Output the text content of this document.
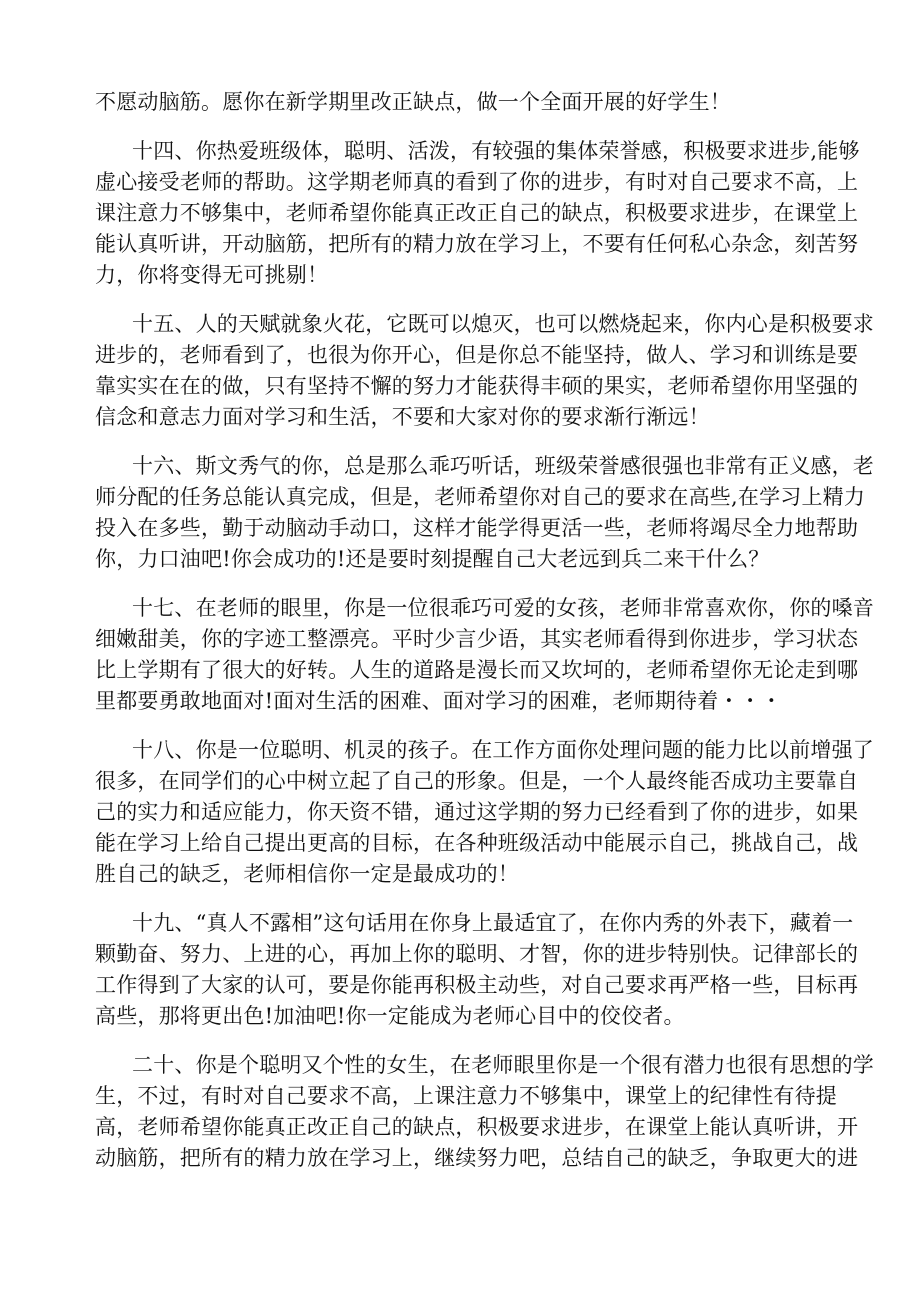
不愿动脑筋。愿你在新学期里改正缺点，做一个全面开展的好学生！
十四、你热爱班级体，聪明、活泼，有较强的集体荣誉感，积极要求进步,能够
虚心接受老师的帮助。这学期老师真的看到了你的进步，有时对自己要求不高，上
课注意力不够集中，老师希望你能真正改正自己的缺点，积极要求进步，在课堂上
能认真听讲，开动脑筋，把所有的精力放在学习上，不要有任何私心杂念，刻苦努
力，你将变得无可挑剔！
十五、人的天赋就象火花，它既可以熄灭，也可以燃烧起来，你内心是积极要求
进步的，老师看到了，也很为你开心，但是你总不能坚持，做人、学习和训练是要
靠实实在在的做，只有坚持不懈的努力才能获得丰硕的果实，老师希望你用坚强的
信念和意志力面对学习和生活，不要和大家对你的要求渐行渐远！
十六、斯文秀气的你，总是那么乖巧听话，班级荣誉感很强也非常有正义感，老
师分配的任务总能认真完成，但是，老师希望你对自己的要求在高些,在学习上精力
投入在多些，勤于动脑动手动口，这样才能学得更活一些，老师将竭尽全力地帮助
你，力口油吧!你会成功的!还是要时刻提醒自己大老远到兵二来干什么？
十七、在老师的眼里，你是一位很乖巧可爱的女孩，老师非常喜欢你，你的嗓音
细嫩甜美，你的字迹工整漂亮。平时少言少语，其实老师看得到你进步，学习状态
比上学期有了很大的好转。人生的道路是漫长而又坎坷的，老师希望你无论走到哪
里都要勇敢地面对!面对生活的困难、面对学习的困难，老师期待着・・・
十八、你是一位聪明、机灵的孩子。在工作方面你处理问题的能力比以前增强了
很多，在同学们的心中树立起了自己的形象。但是，一个人最终能否成功主要靠自
己的实力和适应能力，你天资不错，通过这学期的努力已经看到了你的进步，如果
能在学习上给自己提出更高的目标，在各种班级活动中能展示自己，挑战自己，战
胜自己的缺乏，老师相信你一定是最成功的！
十九、“真人不露相”这句话用在你身上最适宜了，在你内秀的外表下，藏着一
颗勤奋、努力、上进的心，再加上你的聪明、才智，你的进步特别快。记律部长的
工作得到了大家的认可，要是你能再积极主动些，对自己要求再严格一些，目标再
高些，那将更出色!加油吧!你一定能成为老师心目中的佼佼者。
二十、你是个聪明又个性的女生，在老师眼里你是一个很有潜力也很有思想的学
生，不过，有时对自己要求不高，上课注意力不够集中，课堂上的纪律性有待提
高，老师希望你能真正改正自己的缺点，积极要求进步，在课堂上能认真听讲，开
动脑筋，把所有的精力放在学习上，继续努力吧，总结自己的缺乏，争取更大的进
